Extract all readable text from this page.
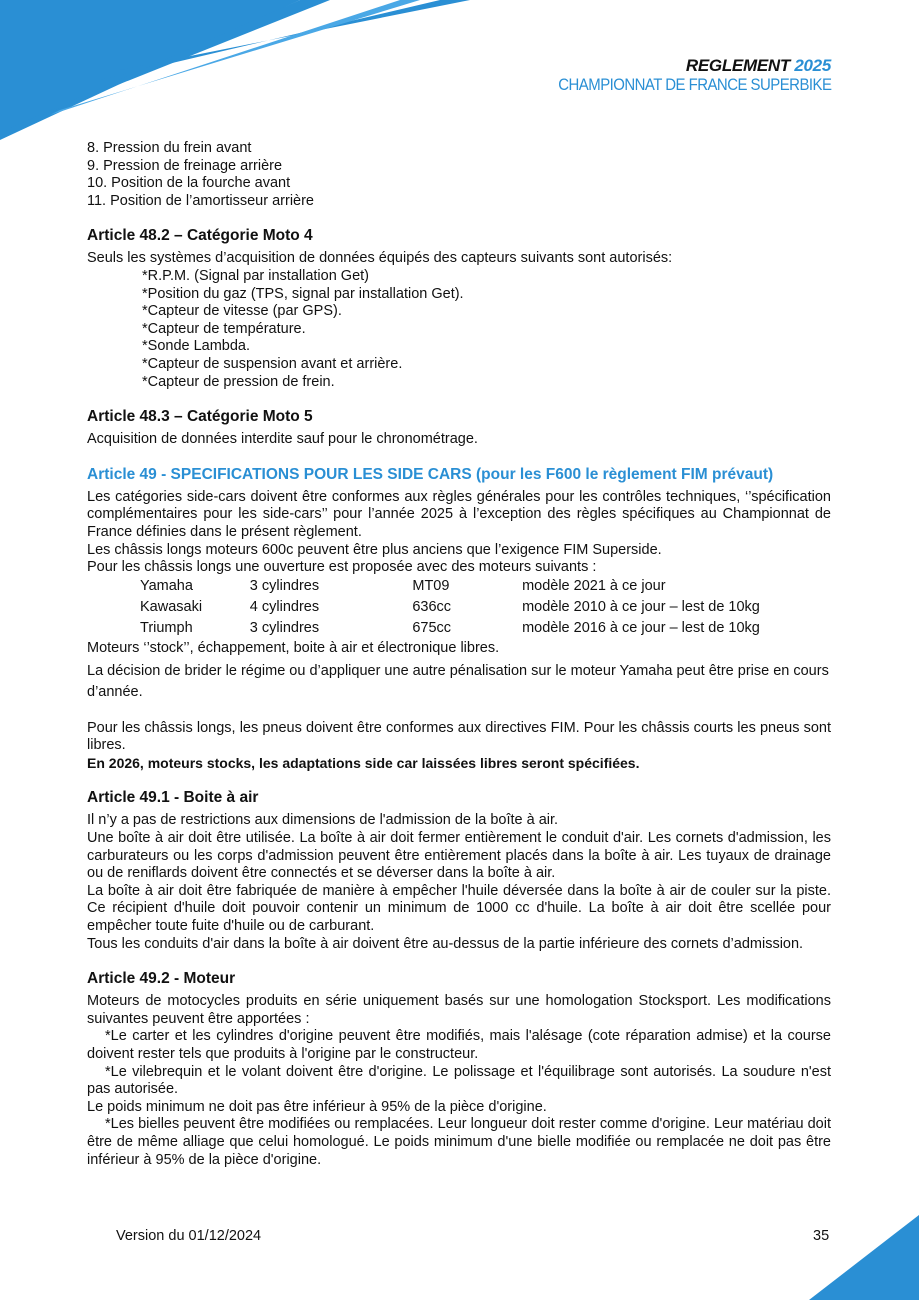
REGLEMENT 2025
CHAMPIONNAT DE FRANCE SUPERBIKE

8. Pression du frein avant

9. Pression de freinage arrière

10. Position de la fourche avant

11. Position de l’amortisseur arrière

Article 48.2 – Catégorie Moto 4

Seuls les systèmes d’acquisition de données équipés des capteurs suivants sont autorisés:

*R.P.M. (Signal par installation Get)

*Position du gaz (TPS, signal par installation Get).

*Capteur de vitesse (par GPS).

*Capteur de température.

*Sonde Lambda.

*Capteur de suspension avant et arrière.

*Capteur de pression de frein.

Article 48.3 – Catégorie Moto 5

Acquisition de données interdite sauf pour le chronométrage.

Article 49 - SPECIFICATIONS POUR LES SIDE CARS (pour les F600 le règlement FIM prévaut)

Les catégories side-cars doivent être conformes aux règles générales pour les contrôles techniques, ‘’spécification complémentaires pour les side-cars’’ pour l’année 2025 à l’exception des règles spécifiques au Championnat de France définies dans le présent règlement.

Les châssis longs moteurs 600c peuvent être plus anciens que l’exigence FIM Superside.

Pour les châssis longs une ouverture est proposée avec des moteurs suivants :

Yamaha	3 cylindres	MT09	modèle 2021 à ce jour
Kawasaki	4 cylindres	636cc	modèle 2010 à ce jour – lest de 10kg
Triumph	3 cylindres	675cc	modèle 2016 à ce jour – lest de 10kg

Moteurs ‘’stock’’, échappement, boite à air et électronique libres.

La décision de brider le régime ou d’appliquer une autre pénalisation sur le moteur Yamaha peut être prise en cours d’année.

Pour les châssis longs, les pneus doivent être conformes aux directives FIM. Pour les châssis courts les pneus sont libres.

En 2026, moteurs stocks, les adaptations side car laissées libres seront spécifiées.

Article 49.1 - Boite à air

Il n’y a pas de restrictions aux dimensions de l'admission de la boîte à air.

Une boîte à air doit être utilisée. La boîte à air doit fermer entièrement le conduit d'air. Les cornets d'admission, les carburateurs ou les corps d'admission peuvent être entièrement placés dans la boîte à air. Les tuyaux de drainage ou de reniflards doivent être connectés et se déverser dans la boîte à air.

La boîte à air doit être fabriquée de manière à empêcher l'huile déversée dans la boîte à air de couler sur la piste. Ce récipient d'huile doit pouvoir contenir un minimum de 1000 cc d'huile. La boîte à air doit être scellée pour empêcher toute fuite d'huile ou de carburant.

Tous les conduits d'air dans la boîte à air doivent être au-dessus de la partie inférieure des cornets d’admission.

Article 49.2 - Moteur

Moteurs de motocycles produits en série uniquement basés sur une homologation Stocksport. Les modifications suivantes peuvent être apportées :

*Le carter et les cylindres d'origine peuvent être modifiés, mais l'alésage (cote réparation admise) et la course doivent rester tels que produits à l'origine par le constructeur.

*Le vilebrequin et le volant doivent être d'origine. Le polissage et l'équilibrage sont autorisés. La soudure n'est pas autorisée.

Le poids minimum ne doit pas être inférieur à 95% de la pièce d'origine.

*Les bielles peuvent être modifiées ou remplacées. Leur longueur doit rester comme d'origine. Leur matériau doit être de même alliage que celui homologué. Le poids minimum d'une bielle modifiée ou remplacée ne doit pas être inférieur à 95% de la pièce d'origine.

Version du 01/12/2024	35
